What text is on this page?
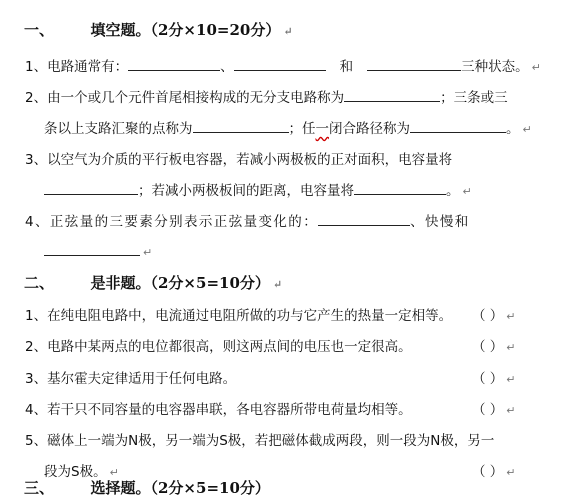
一、 填空题。（2分×10=20分） ↵
1、电路通常有：	、	和	三种状态。 ↵
2、由一个或几个元件首尾相接构成的无分支电路称为	；三条或三
条以上支路汇聚的点称为	；任一闭合路径称为	。 ↵
3、以空气为介质的平行板电容器，若减小两极板的正对面积，电容量将
；若减小两极板间的距离，电容量将	。 ↵
4、正弦量的三要素分别表示正弦量变化的：	、快慢和
↵
二、 是非题。（2分×5=10分） ↵
1、在纯电阻电路中，电流通过电阻所做的功与它产生的热量一定相等。 （ ） ↵
2、电路中某两点的电位都很高，则这两点间的电压也一定很高。	（ ） ↵
3、基尔霍夫定律适用于任何电路。	（ ） ↵
4、若干只不同容量的电容器串联，各电容器所带电荷量均相等。	（ ） ↵
5、磁体上一端为N极，另一端为S极，若把磁体截成两段，则一段为N极，另一
段为S极。 ↵	（ ） ↵
三、 选择题。（2分×5=10分）
